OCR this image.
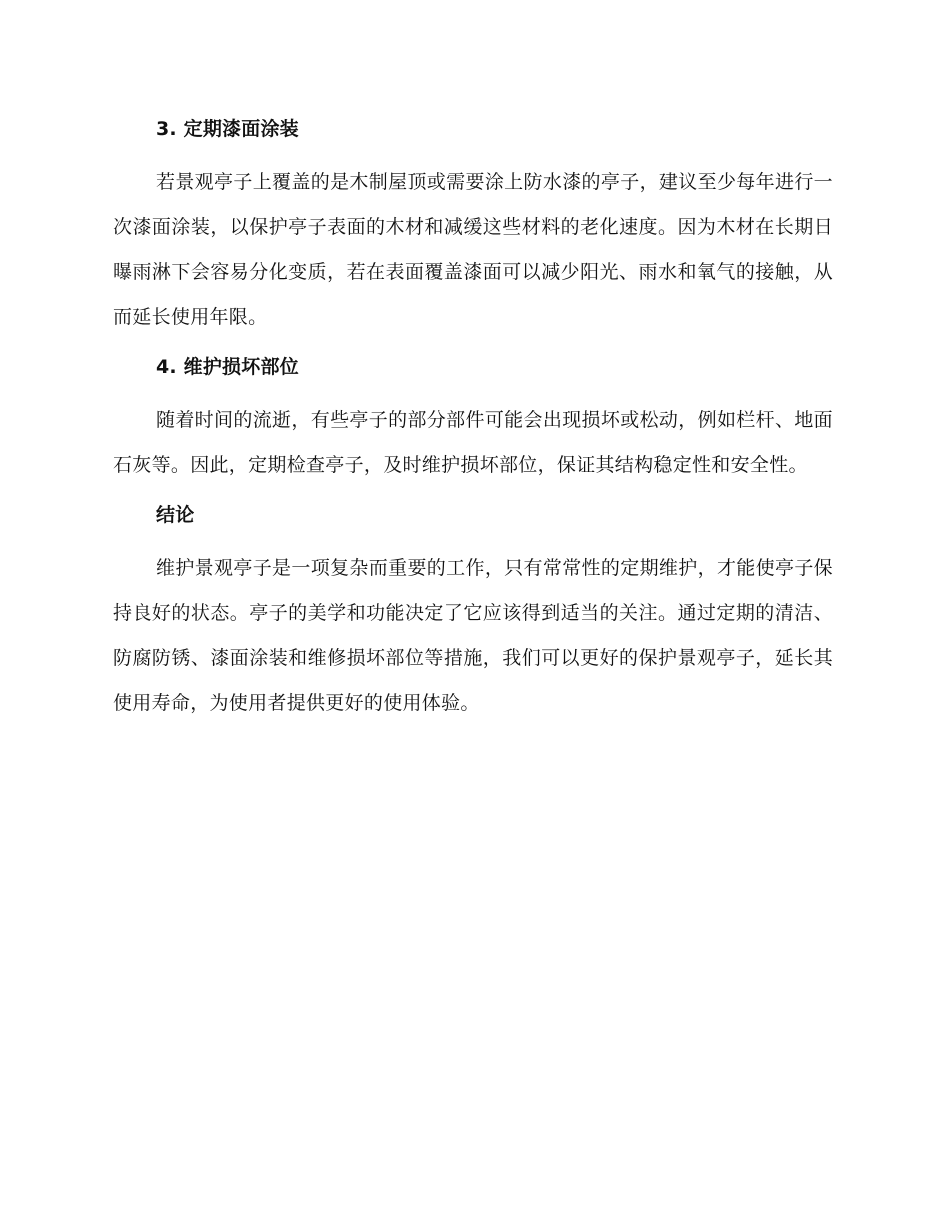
3. 定期漆面涂装

若景观亭子上覆盖的是木制屋顶或需要涂上防水漆的亭子，建议至少每年进行一次漆面涂装，以保护亭子表面的木材和减缓这些材料的老化速度。因为木材在长期日曝雨淋下会容易分化变质，若在表面覆盖漆面可以减少阳光、雨水和氧气的接触，从而延长使用年限。

4. 维护损坏部位

随着时间的流逝，有些亭子的部分部件可能会出现损坏或松动，例如栏杆、地面石灰等。因此，定期检查亭子，及时维护损坏部位，保证其结构稳定性和安全性。

结论

维护景观亭子是一项复杂而重要的工作，只有常常性的定期维护，才能使亭子保持良好的状态。亭子的美学和功能决定了它应该得到适当的关注。通过定期的清洁、防腐防锈、漆面涂装和维修损坏部位等措施，我们可以更好的保护景观亭子，延长其使用寿命，为使用者提供更好的使用体验。
